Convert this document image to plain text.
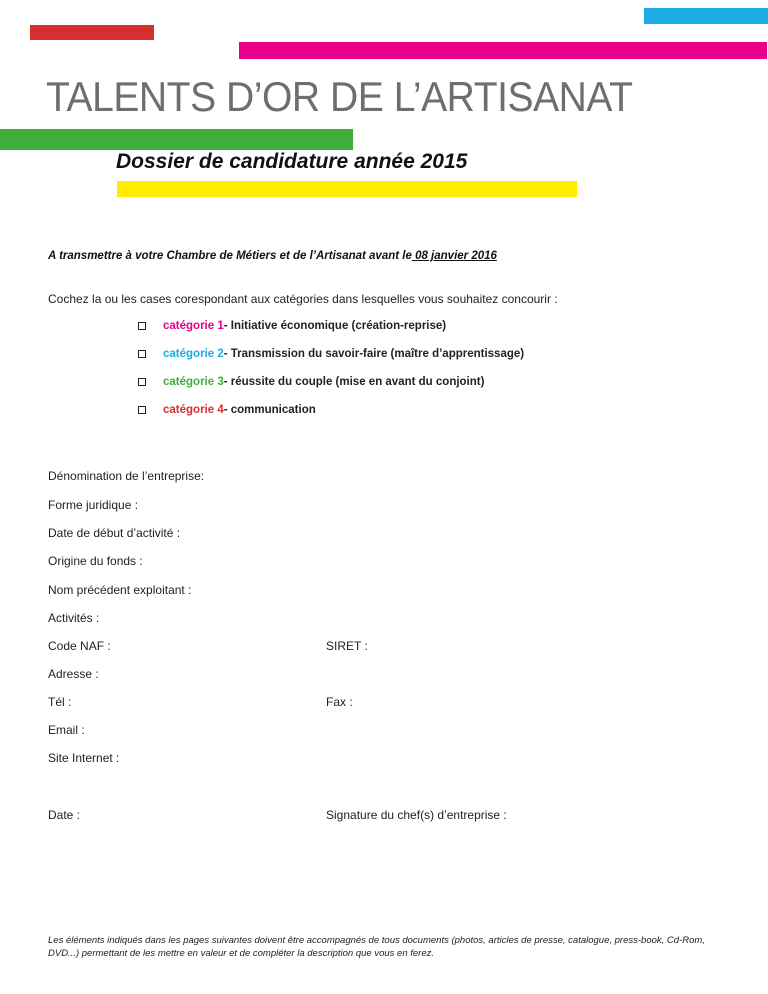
TALENTS D’OR DE L’ARTISANAT
Dossier de candidature année 2015
A transmettre à votre Chambre de Métiers et de l’Artisanat avant le 08 janvier 2016
Cochez la ou les cases corespondant aux catégories dans lesquelles vous souhaitez concourir :
catégorie 1 - Initiative économique (création-reprise)
catégorie 2 - Transmission du savoir-faire (maître d’apprentissage)
catégorie 3 - réussite du couple (mise en avant du conjoint)
catégorie 4 - communication
Dénomination de l’entreprise:
Forme juridique :
Date de début d’activité :
Origine du fonds :
Nom précédent exploitant :
Activités :
Code NAF :	SIRET :
Adresse :
Tél :	Fax :
Email :
Site Internet :
Date :	Signature du chef(s) d’entreprise :
Les éléments indiqués dans les pages suivantes doivent être accompagnés de tous documents (photos, articles de presse, catalogue, press-book, Cd-Rom, DVD...) permettant de les mettre en valeur et de compléter la description que vous en ferez.
